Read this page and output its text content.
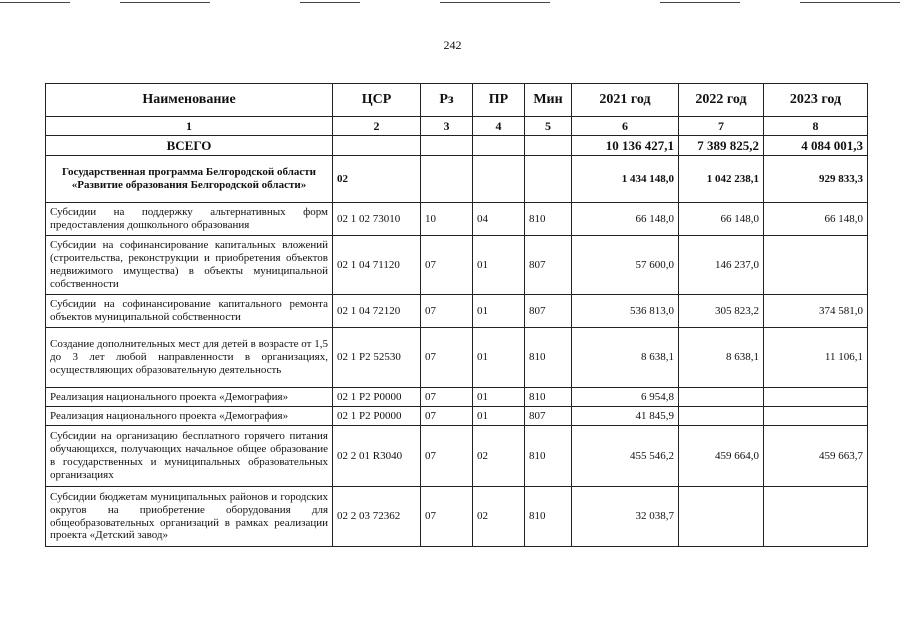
242
Наименование	ЦСР	Рз	ПР	Мин	2021 год	2022 год	2023 год
1	2	3	4	5	6	7	8
ВСЕГО					10 136 427,1	7 389 825,2	4 084 001,3
Государственная программа Белгородской области «Развитие образования Белгородской области»	02				1 434 148,0	1 042 238,1	929 833,3
Субсидии на поддержку альтернативных форм предоставления дошкольного образования	02 1 02 73010	10	04	810	66 148,0	66 148,0	66 148,0
Субсидии на софинансирование капитальных вложений (строительства, реконструкции и приобретения объектов недвижимого имущества) в объекты муниципальной собственности	02 1 04 71120	07	01	807	57 600,0	146 237,0	
Субсидии на софинансирование капитального ремонта объектов муниципальной собственности	02 1 04 72120	07	01	807	536 813,0	305 823,2	374 581,0
Создание дополнительных мест для детей в возрасте от 1,5 до 3 лет любой направленности в организациях, осуществляющих образовательную деятельность	02 1 P2 52530	07	01	810	8 638,1	8 638,1	11 106,1
Реализация национального проекта «Демография»	02 1 P2 P0000	07	01	810	6 954,8		
Реализация национального проекта «Демография»	02 1 P2 P0000	07	01	807	41 845,9		
Субсидии на организацию бесплатного горячего питания обучающихся, получающих начальное общее образование в государственных и муниципальных образовательных организациях	02 2 01 R3040	07	02	810	455 546,2	459 664,0	459 663,7
Субсидии бюджетам муниципальных районов и городских округов на приобретение оборудования для общеобразовательных организаций в рамках реализации проекта «Детский завод»	02 2 03 72362	07	02	810	32 038,7		
